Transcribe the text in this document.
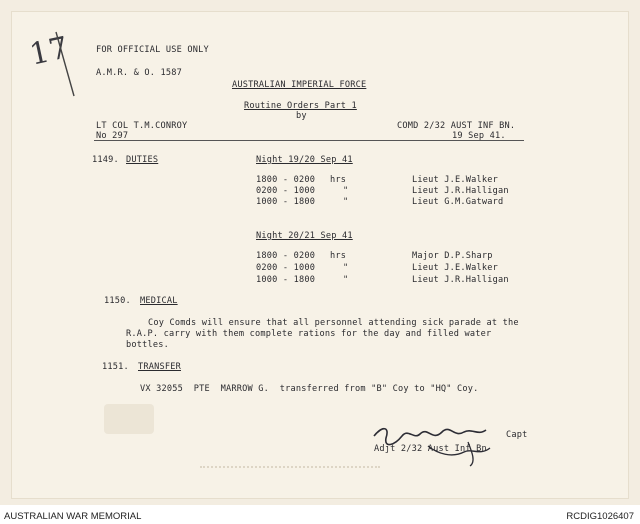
17	FOR OFFICIAL USE ONLY
A.M.R. & O. 1587
AUSTRALIAN IMPERIAL FORCE
Routine Orders Part 1
by
LT COL T.M.CONROY	COMD 2/32 AUST INF BN.
No 297	19 Sep 41.
1149. DUTIES	Night 19/20 Sep 41
1800 - 0200 hrs	Lieut J.E.Walker
0200 - 1000	"	Lieut J.R.Halligan
1000 - 1800	"	Lieut G.M.Gatward
Night 20/21 Sep 41
1800 - 0200 hrs	Major D.P.Sharp
0200 - 1000	"	Lieut J.E.Walker
1000 - 1800	"	Lieut J.R.Halligan
1150. MEDICAL
Coy Comds will ensure that all personnel attending sick parade at the
R.A.P. carry with them complete rations for the day and filled water
bottles.
1151. TRANSFER
VX 32055  PTE  MARROW G.  transferred from "B" Coy to "HQ" Coy.
Capt
Adjt 2/32 Aust Inf Bn
AUSTRALIAN WAR MEMORIAL	RCDIG1026407
